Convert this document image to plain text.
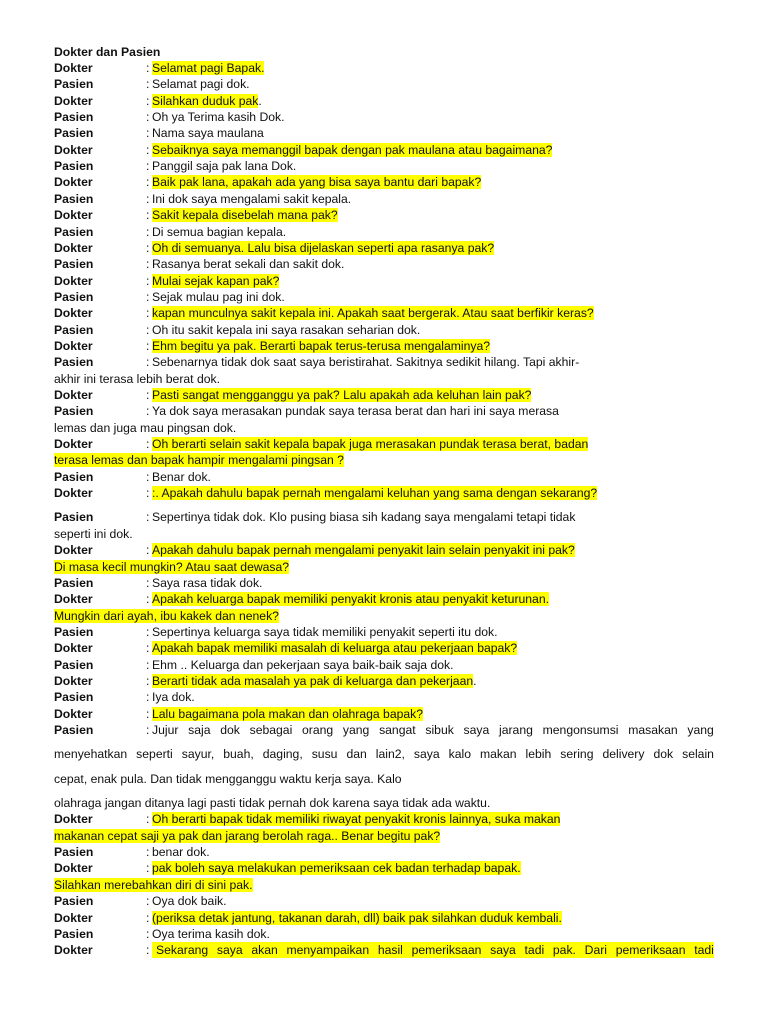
Dokter dan Pasien
Dokter	: Selamat pagi Bapak.
Pasien	: Selamat pagi dok.
Dokter	: Silahkan duduk pak.
Pasien	: Oh ya Terima kasih Dok.
Pasien	: Nama saya maulana
Dokter	: Sebaiknya saya memanggil bapak dengan pak maulana atau bagaimana?
Pasien	: Panggil saja pak lana Dok.
Dokter	: Baik pak lana, apakah ada yang bisa saya bantu dari bapak?
Pasien	: Ini dok saya mengalami sakit kepala.
Dokter	: Sakit kepala disebelah mana pak?
Pasien	: Di semua bagian kepala.
Dokter	: Oh di semuanya. Lalu bisa dijelaskan seperti apa rasanya pak?
Pasien	: Rasanya berat sekali dan sakit dok.
Dokter	: Mulai sejak kapan pak?
Pasien	: Sejak mulau pag ini dok.
Dokter	: kapan munculnya sakit kepala ini. Apakah saat bergerak. Atau saat berfikir keras?
Pasien	: Oh itu sakit kepala ini saya rasakan seharian dok.
Dokter	: Ehm begitu ya pak. Berarti bapak terus-terusa mengalaminya?
Pasien	: Sebenarnya tidak dok saat saya beristirahat. Sakitnya sedikit hilang. Tapi akhir-
akhir ini terasa lebih berat dok.
Dokter	: Pasti sangat mengganggu ya pak? Lalu apakah ada keluhan lain pak?
Pasien	: Ya dok saya merasakan pundak saya terasa berat dan hari ini saya merasa
lemas dan juga mau pingsan dok.
Dokter	: Oh berarti selain sakit kepala bapak juga merasakan pundak terasa berat, badan
terasa lemas dan bapak hampir mengalami pingsan ?
Pasien	: Benar dok.
Dokter	: :. Apakah dahulu bapak pernah mengalami keluhan yang sama dengan sekarang?
Pasien	: Sepertinya tidak dok. Klo pusing biasa sih kadang saya mengalami tetapi tidak
seperti ini dok.
Dokter	: Apakah dahulu bapak pernah mengalami penyakit lain selain penyakit ini pak?
Di masa kecil mungkin? Atau saat dewasa?
Pasien	: Saya rasa tidak dok.
Dokter	: Apakah keluarga bapak memiliki penyakit kronis atau penyakit keturunan.
Mungkin dari ayah, ibu kakek dan nenek?
Pasien	: Sepertinya keluarga saya tidak memiliki penyakit seperti itu dok.
Dokter	: Apakah bapak memiliki masalah di keluarga atau pekerjaan bapak?
Pasien	: Ehm .. Keluarga dan pekerjaan saya baik-baik saja dok.
Dokter	: Berarti tidak ada masalah ya pak di keluarga dan pekerjaan.
Pasien	: Iya dok.
Dokter	: Lalu bagaimana pola makan dan olahraga bapak?
Pasien	: Jujur saja dok sebagai orang yang sangat sibuk saya jarang mengonsumsi masakan yang
menyehatkan seperti sayur, buah, daging, susu dan lain2, saya kalo makan lebih sering delivery dok selain
cepat, enak pula. Dan tidak mengganggu waktu kerja saya. Kalo
olahraga jangan ditanya lagi pasti tidak pernah dok karena saya tidak ada waktu.
Dokter	: Oh berarti bapak tidak memiliki riwayat penyakit kronis lainnya, suka makan
makanan cepat saji ya pak dan jarang berolah raga.. Benar begitu pak?
Pasien	: benar dok.
Dokter	: pak boleh saya melakukan pemeriksaan cek badan terhadap bapak.
Silahkan merebahkan diri di sini pak.
Pasien	: Oya dok baik.
Dokter	: (periksa detak jantung, takanan darah, dll) baik pak silahkan duduk kembali.
Pasien	: Oya terima kasih dok.
Dokter	: Sekarang saya akan menyampaikan hasil pemeriksaan saya tadi pak. Dari pemeriksaan tadi
